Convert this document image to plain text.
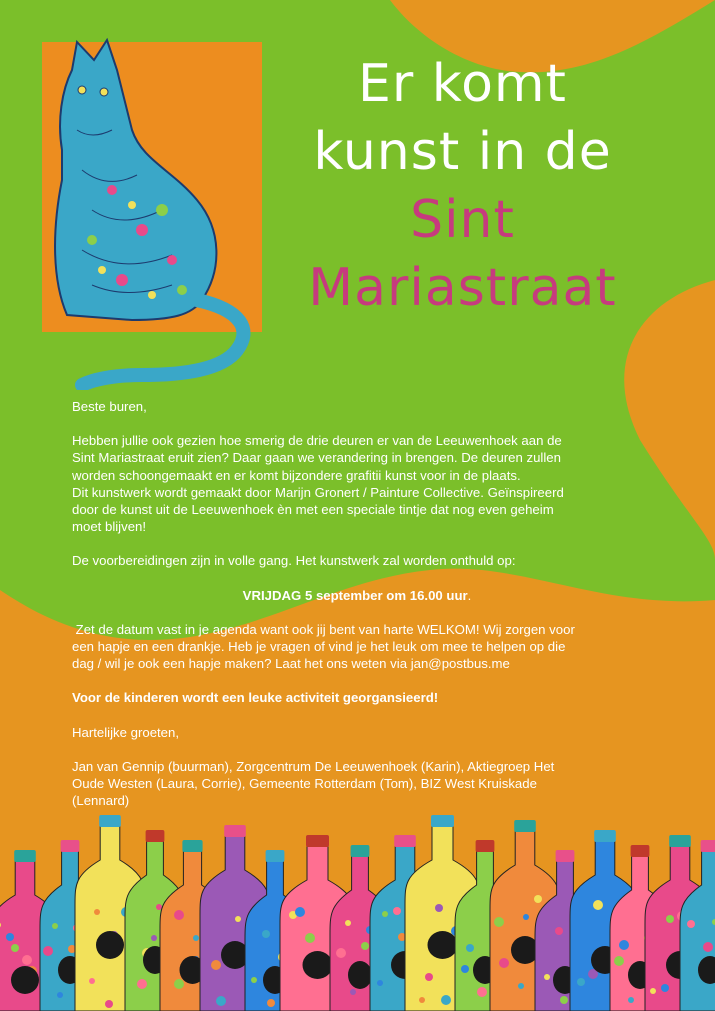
Er komt
kunst in de
Sint
Mariastraat

Beste buren,

Hebben jullie ook gezien hoe smerig de drie deuren er van de Leeuwenhoek aan de

Sint Mariastraat eruit zien? Daar gaan we verandering in brengen. De deuren zullen

worden schoongemaakt en er komt bijzondere grafitii kunst voor in de plaats.

Dit kunstwerk wordt gemaakt door Marijn Gronert / Painture Collective. Geïnspireerd

door de kunst uit de Leeuwenhoek èn met een speciale tintje dat nog even geheim

moet blijven!

De voorbereidingen zijn in volle gang. Het kunstwerk zal worden onthuld op:

VRIJDAG 5 september om 16.00 uur.

Zet de datum vast in je agenda want ook jij bent van harte WELKOM! Wij zorgen voor

een hapje en een drankje. Heb je vragen of vind je het leuk om mee te helpen op die

dag / wil je ook een hapje maken? Laat het ons weten via jan@postbus.me

Voor de kinderen wordt een leuke activiteit georgansieerd!

Hartelijke groeten,

Jan van Gennip (buurman), Zorgcentrum De Leeuwenhoek (Karin), Aktiegroep Het

Oude Westen (Laura, Corrie), Gemeente Rotterdam (Tom), BIZ West Kruiskade

(Lennard)
